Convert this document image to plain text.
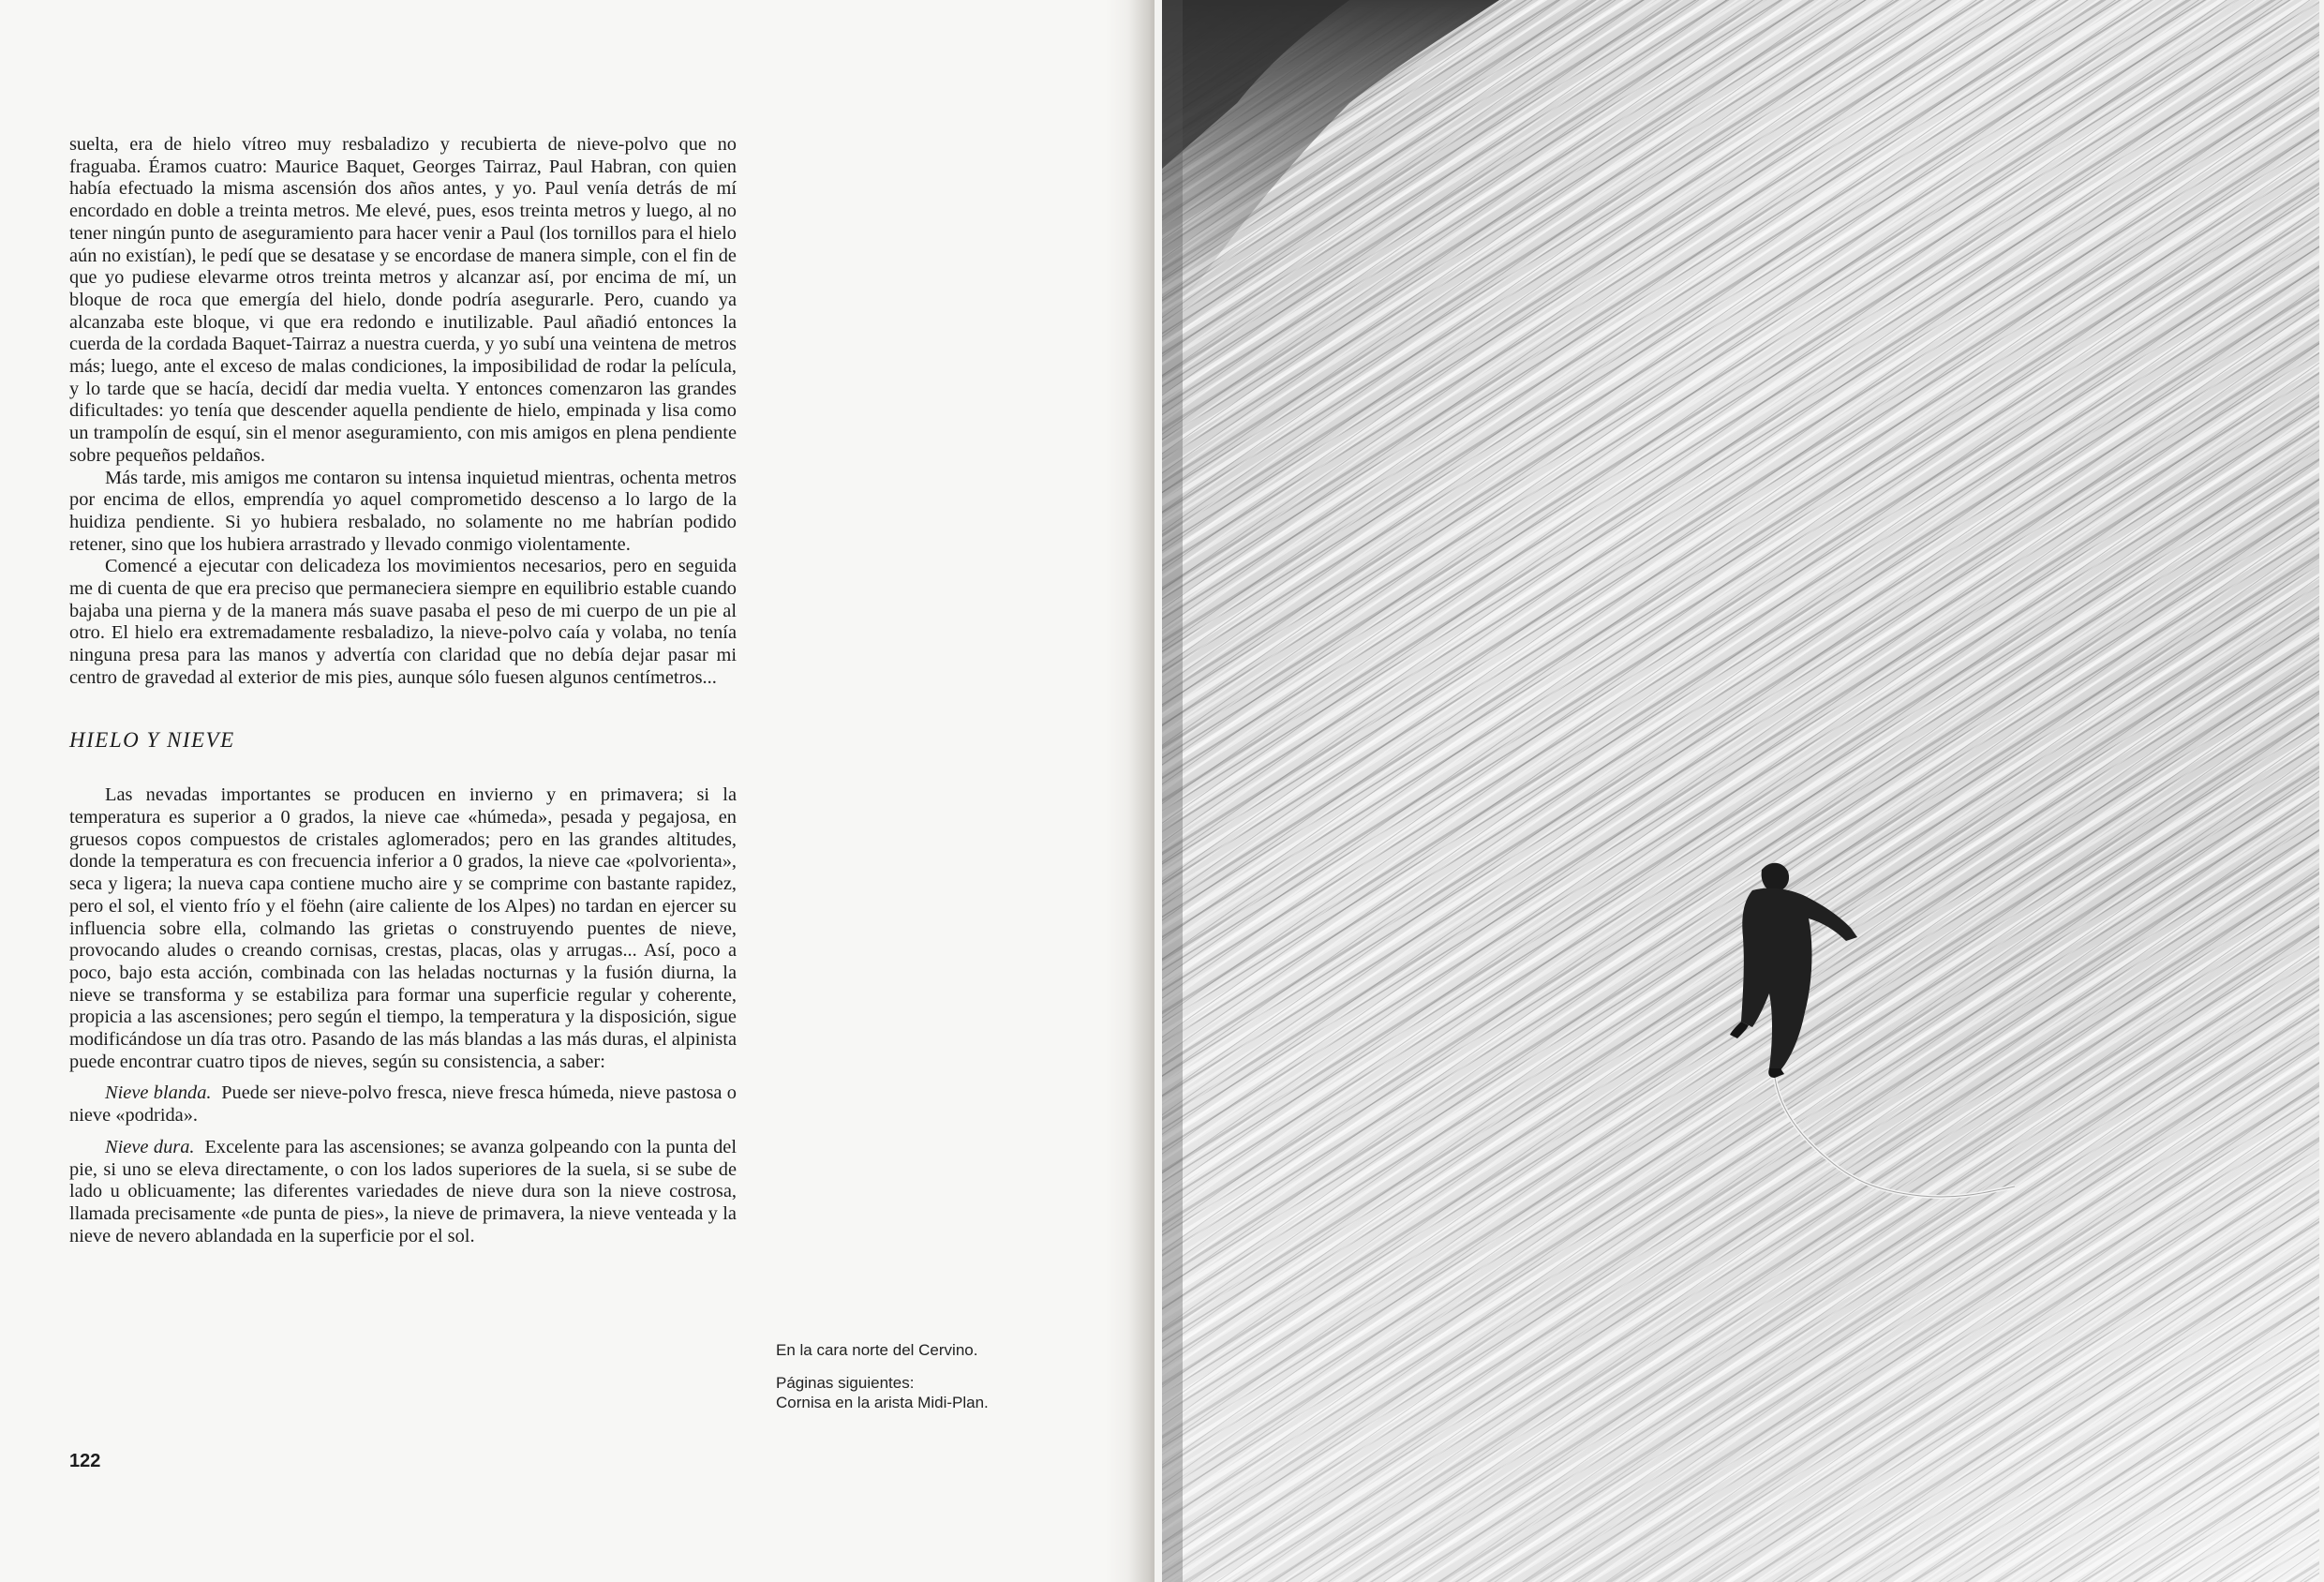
suelta, era de hielo vítreo muy resbaladizo y recubierta de nieve-polvo que no fraguaba. Éramos cuatro: Maurice Baquet, Georges Tairraz, Paul Habran, con quien había efectuado la misma ascensión dos años antes, y yo. Paul venía detrás de mí encordado en doble a treinta metros. Me elevé, pues, esos treinta metros y luego, al no tener ningún punto de aseguramiento para hacer venir a Paul (los tornillos para el hielo aún no existían), le pedí que se desatase y se encordase de manera simple, con el fin de que yo pudiese elevarme otros treinta metros y alcanzar así, por encima de mí, un bloque de roca que emergía del hielo, donde podría asegurarle. Pero, cuando ya alcanzaba este bloque, vi que era redondo e inutilizable. Paul añadió entonces la cuerda de la cordada Baquet-Tairraz a nuestra cuerda, y yo subí una veintena de metros más; luego, ante el exceso de malas condiciones, la imposibilidad de rodar la película, y lo tarde que se hacía, decidí dar media vuelta. Y entonces comenzaron las grandes dificultades: yo tenía que descender aquella pendiente de hielo, empinada y lisa como un trampolín de esquí, sin el menor aseguramiento, con mis amigos en plena pendiente sobre pequeños peldaños.

Más tarde, mis amigos me contaron su intensa inquietud mientras, ochenta metros por encima de ellos, emprendía yo aquel comprometido descenso a lo largo de la huidiza pendiente. Si yo hubiera resbalado, no solamente no me habrían podido retener, sino que los hubiera arrastrado y llevado conmigo violentamente.

Comencé a ejecutar con delicadeza los movimientos necesarios, pero en seguida me di cuenta de que era preciso que permaneciera siempre en equilibrio estable cuando bajaba una pierna y de la manera más suave pasaba el peso de mi cuerpo de un pie al otro. El hielo era extremadamente resbaladizo, la nieve-polvo caía y volaba, no tenía ninguna presa para las manos y advertía con claridad que no debía dejar pasar mi centro de gravedad al exterior de mis pies, aunque sólo fuesen algunos centímetros...

HIELO Y NIEVE

Las nevadas importantes se producen en invierno y en primavera; si la temperatura es superior a 0 grados, la nieve cae «húmeda», pesada y pegajosa, en gruesos copos compuestos de cristales aglomerados; pero en las grandes altitudes, donde la temperatura es con frecuencia inferior a 0 grados, la nieve cae «polvorienta», seca y ligera; la nueva capa contiene mucho aire y se comprime con bastante rapidez, pero el sol, el viento frío y el föehn (aire caliente de los Alpes) no tardan en ejercer su influencia sobre ella, colmando las grietas o construyendo puentes de nieve, provocando aludes o creando cornisas, crestas, placas, olas y arrugas... Así, poco a poco, bajo esta acción, combinada con las heladas nocturnas y la fusión diurna, la nieve se transforma y se estabiliza para formar una superficie regular y coherente, propicia a las ascensiones; pero según el tiempo, la temperatura y la disposición, sigue modificándose un día tras otro. Pasando de las más blandas a las más duras, el alpinista puede encontrar cuatro tipos de nieves, según su consistencia, a saber:

Nieve blanda. Puede ser nieve-polvo fresca, nieve fresca húmeda, nieve pastosa o nieve «podrida».

Nieve dura. Excelente para las ascensiones; se avanza golpeando con la punta del pie, si uno se eleva directamente, o con los lados superiores de la suela, si se sube de lado u oblicuamente; las diferentes variedades de nieve dura son la nieve costrosa, llamada precisamente «de punta de pies», la nieve de primavera, la nieve venteada y la nieve de nevero ablandada en la superficie por el sol.

122

En la cara norte del Cervino.

Páginas siguientes:
Cornisa en la arista Midi-Plan.
